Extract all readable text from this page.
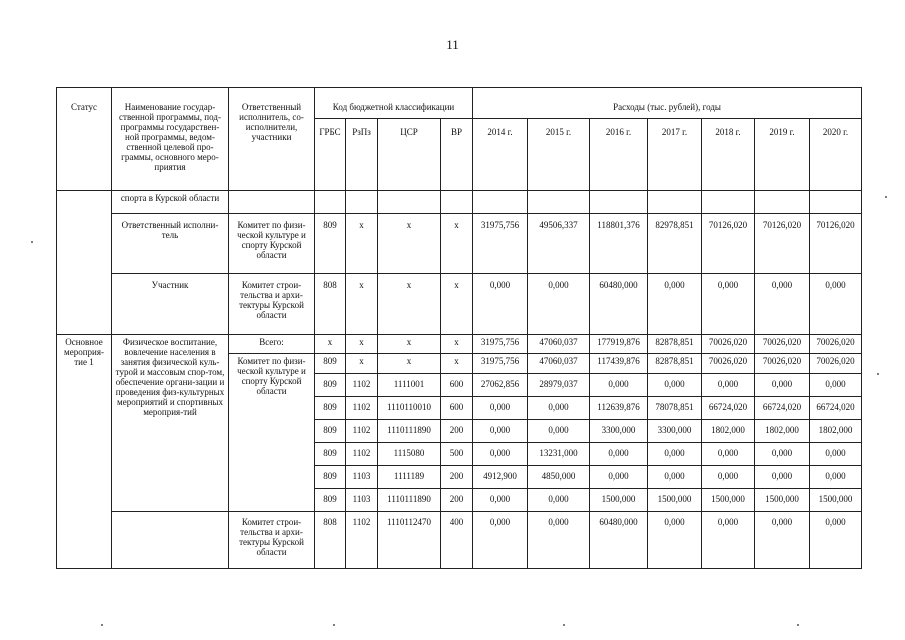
11
Статус	Наименование государ-ственной программы, под-программы государствен-ной программы, ведом-ственной целевой про-граммы, основного меро-приятия	Ответственный исполнитель, со-исполнители, участники	Код бюджетной классификации				Расходы (тыс. рублей), годы						
			ГРБС	РзПз	ЦСР	ВР	2014 г.	2015 г.	2016 г.	2017 г.	2018 г.	2019 г.	2020 г.
	спорта в Курской области												
	Ответственный исполни-тель	Комитет по физи-ческой культуре и спорту Курской области	809	х	х	х	31975,756	49506,337	118801,376	82978,851	70126,020	70126,020	70126,020
	Участник	Комитет строи-тельства и архи-тектуры Курской области	808	х	х	х	0,000	0,000	60480,000	0,000	0,000	0,000	0,000
Основное мероприя-тие 1	Физическое воспитание, вовлечение населения в занятия физической куль-турой и массовым спор-том, обеспечение органи-зации и проведения физ-культурных мероприятий и спортивных мероприя-тий	Всего:	х	х	х	х	31975,756	47060,037	177919,876	82878,851	70026,020	70026,020	70026,020
		Комитет по физи-ческой культуре и спорту Курской области	809	х	х	х	31975,756	47060,037	117439,876	82878,851	70026,020	70026,020	70026,020
			809	1102	1111001	600	27062,856	28979,037	0,000	0,000	0,000	0,000	0,000
			809	1102	1110110010	600	0,000	0,000	112639,876	78078,851	66724,020	66724,020	66724,020
			809	1102	1110111890	200	0,000	0,000	3300,000	3300,000	1802,000	1802,000	1802,000
			809	1102	1115080	500	0,000	13231,000	0,000	0,000	0,000	0,000	0,000
			809	1103	1111189	200	4912,900	4850,000	0,000	0,000	0,000	0,000	0,000
			809	1103	1110111890	200	0,000	0,000	1500,000	1500,000	1500,000	1500,000	1500,000
		Комитет строи-тельства и архи-тектуры Курской области	808	1102	1110112470	400	0,000	0,000	60480,000	0,000	0,000	0,000	0,000
